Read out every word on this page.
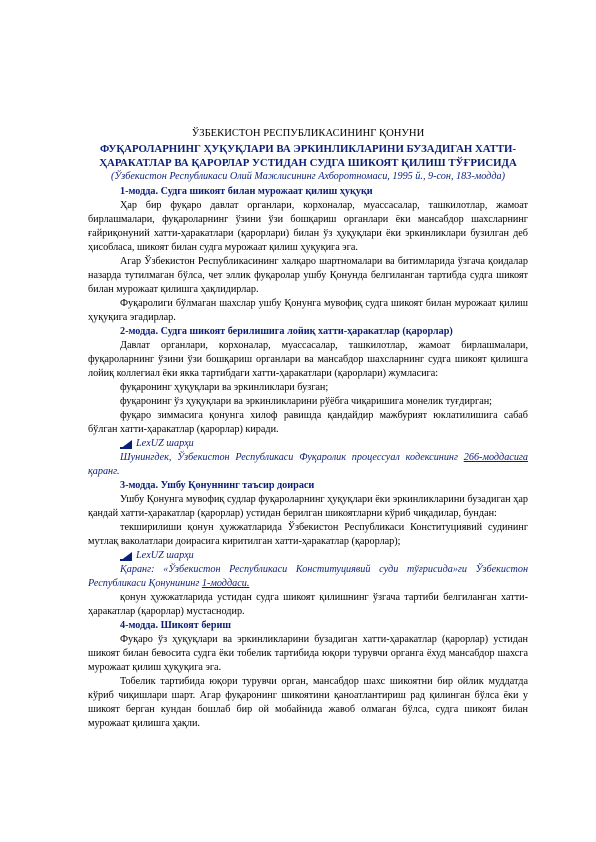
ЎЗБЕКИСТОН РЕСПУБЛИКАСИНИНГ ҚОНУНИ
ФУҚАРОЛАРНИНГ ҲУҚУҚЛАРИ ВА ЭРКИНЛИКЛАРИНИ БУЗАДИГАН ХАТТИ-ҲАРАКАТЛАР ВА ҚАРОРЛАР УСТИДАН СУДГА ШИКОЯТ ҚИЛИШ ТЎҒРИСИДА
(Ўзбекистон Республикаси Олий Мажлисининг Ахборотномаси, 1995 й., 9-сон, 183-модда)
1-модда. Судга шикоят билан мурожаат қилиш ҳуқуқи

Ҳар бир фуқаро давлат органлари, корхоналар, муассасалар, ташкилотлар, жамоат бирлашмалари, фуқароларнинг ўзини ўзи бошқариш органлари ёки мансабдор шахсларнинг ғайриқонуний хатти-ҳаракатлари (қарорлари) билан ўз ҳуқуқлари ёки эркинликлари бузилган деб ҳисобласа, шикоят билан судга мурожаат қилиш ҳуқуқига эга.

Агар Ўзбекистон Республикасининг халқаро шартномалари ва битимларида ўзгача қоидалар назарда тутилмаган бўлса, чет эллик фуқаролар ушбу Қонунда белгиланган тартибда судга шикоят билан мурожаат қилишга ҳақлидирлар.

Фуқаролиги бўлмаган шахслар ушбу Қонунга мувофиқ судга шикоят билан мурожаат қилиш ҳуқуқига эгадирлар.

2-модда. Судга шикоят берилишига лойиқ хатти-ҳаракатлар (қарорлар)

Давлат органлари, корхоналар, муассасалар, ташкилотлар, жамоат бирлашмалари, фуқароларнинг ўзини ўзи бошқариш органлари ва мансабдор шахсларнинг судга шикоят қилишга лойиқ коллегиал ёки якка тартибдаги хатти-ҳаракатлари (қарорлари) жумласига:

фуқаронинг ҳуқуқлари ва эркинликлари бузган;

фуқаронинг ўз ҳуқуқлари ва эркинликларини рўёбга чиқаришига монелик туғдирган;

фуқаро зиммасига қонунга хилоф равишда қандайдир мажбурият юклатилишига сабаб бўлган хатти-ҳаракатлар (қарорлар) киради.

LexUZ шарҳи
Шунингдек, Ўзбекистон Республикаси Фуқаролик процессуал кодексининг 266-моддасига қаранг.
3-модда. Ушбу Қонуннинг таъсир доираси

Ушбу Қонунга мувофиқ судлар фуқароларнинг ҳуқуқлари ёки эркинликларини бузадиган ҳар қандай хатти-ҳаракатлар (қарорлар) устидан берилган шикоятларни кўриб чиқадилар, бундан:

текширилиши қонун ҳужжатларида Ўзбекистон Республикаси Конституциявий судининг мутлақ ваколатлари доирасига киритилган хатти-ҳаракатлар (қарорлар);

LexUZ шарҳи
Қаранг: «Ўзбекистон Республикаси Конституциявий суди тўғрисида»ги Ўзбекистон Республикаси Қонунининг 1-моддаси.

қонун ҳужжатларида устидан судга шикоят қилишнинг ўзгача тартиби белгиланган хатти-ҳаракатлар (қарорлар) мустаснодир.

4-модда. Шикоят бериш

Фуқаро ўз ҳуқуқлари ва эркинликларини бузадиган хатти-ҳаракатлар (қарорлар) устидан шикоят билан бевосита судга ёки тобелик тартибида юқори турувчи органга ёхуд мансабдор шахсга мурожаат қилиш ҳуқуқига эга.

Тобелик тартибида юқори турувчи орган, мансабдор шахс шикоятни бир ойлик муддатда кўриб чиқишлари шарт. Агар фуқаронинг шикоятини қаноатлантириш рад қилинган бўлса ёки у шикоят берган кундан бошлаб бир ой мобайнида жавоб олмаган бўлса, судга шикоят билан мурожаат қилишга ҳақли.
